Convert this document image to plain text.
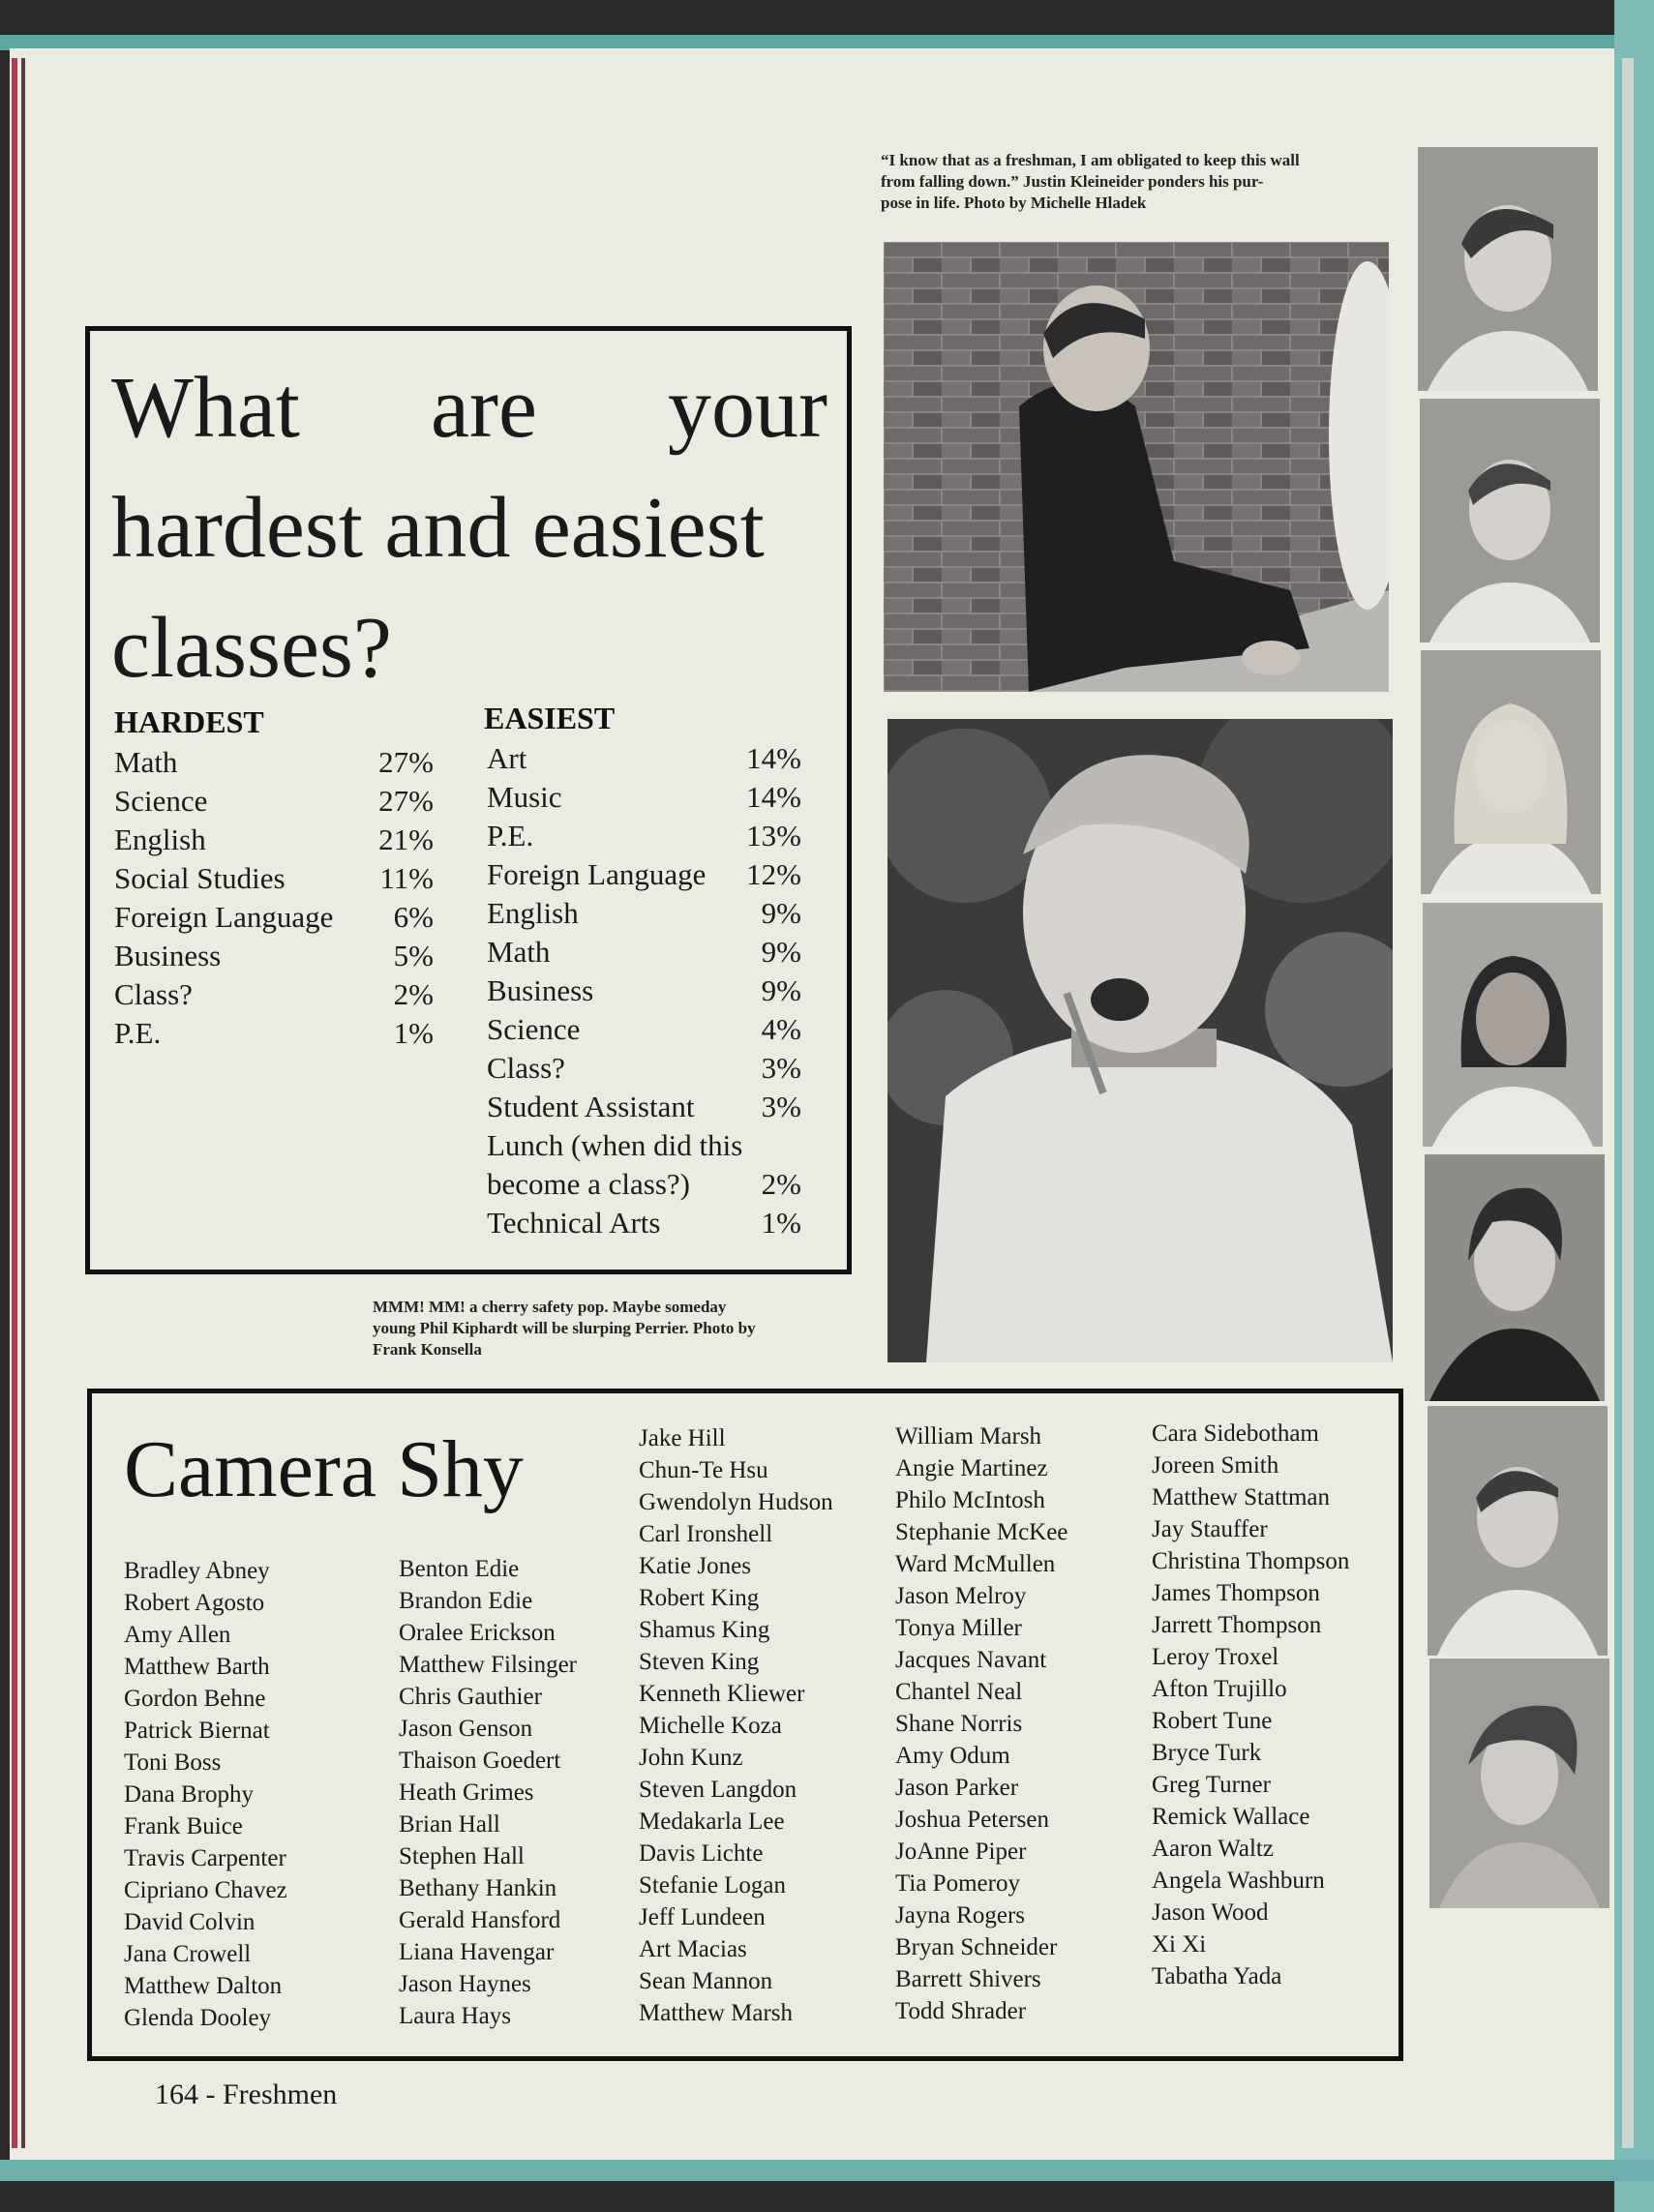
What are your
hardest and easiest
classes?
HARDEST	EASIEST
Math	27%
Science	27%
English	21%
Social Studies	11%
Foreign Language 6%
Business	5%
Class?	2%
P.E.	1%
Art	14%
Music	14%
P.E.	13%
Foreign Language 12%
English	9%
Math	9%
Business	9%
Science	4%
Class?	3%
Student Assistant 3%
Lunch (when did this
become a class?) 2%
Technical Arts	1%
“I know that as a freshman, I am obligated to keep this wall
from falling down.” Justin Kleineider ponders his pur-
pose in life. Photo by Michelle Hladek
MMM! MM! a cherry safety pop. Maybe someday
young Phil Kiphardt will be slurping Perrier. Photo by
Frank Konsella
Camera Shy
Bradley Abney
Robert Agosto
Amy Allen
Matthew Barth
Gordon Behne
Patrick Biernat
Toni Boss
Dana Brophy
Frank Buice
Travis Carpenter
Cipriano Chavez
David Colvin
Jana Crowell
Matthew Dalton
Glenda Dooley
Benton Edie
Brandon Edie
Oralee Erickson
Matthew Filsinger
Chris Gauthier
Jason Genson
Thaison Goedert
Heath Grimes
Brian Hall
Stephen Hall
Bethany Hankin
Gerald Hansford
Liana Havengar
Jason Haynes
Laura Hays
Jake Hill
Chun-Te Hsu
Gwendolyn Hudson
Carl Ironshell
Katie Jones
Robert King
Shamus King
Steven King
Kenneth Kliewer
Michelle Koza
John Kunz
Steven Langdon
Medakarla Lee
Davis Lichte
Stefanie Logan
Jeff Lundeen
Art Macias
Sean Mannon
Matthew Marsh
William Marsh
Angie Martinez
Philo McIntosh
Stephanie McKee
Ward McMullen
Jason Melroy
Tonya Miller
Jacques Navant
Chantel Neal
Shane Norris
Amy Odum
Jason Parker
Joshua Petersen
JoAnne Piper
Tia Pomeroy
Jayna Rogers
Bryan Schneider
Barrett Shivers
Todd Shrader
Cara Sidebotham
Joreen Smith
Matthew Stattman
Jay Stauffer
Christina Thompson
James Thompson
Jarrett Thompson
Leroy Troxel
Afton Trujillo
Robert Tune
Bryce Turk
Greg Turner
Remick Wallace
Aaron Waltz
Angela Washburn
Jason Wood
Xi Xi
Tabatha Yada
164 - Freshmen
